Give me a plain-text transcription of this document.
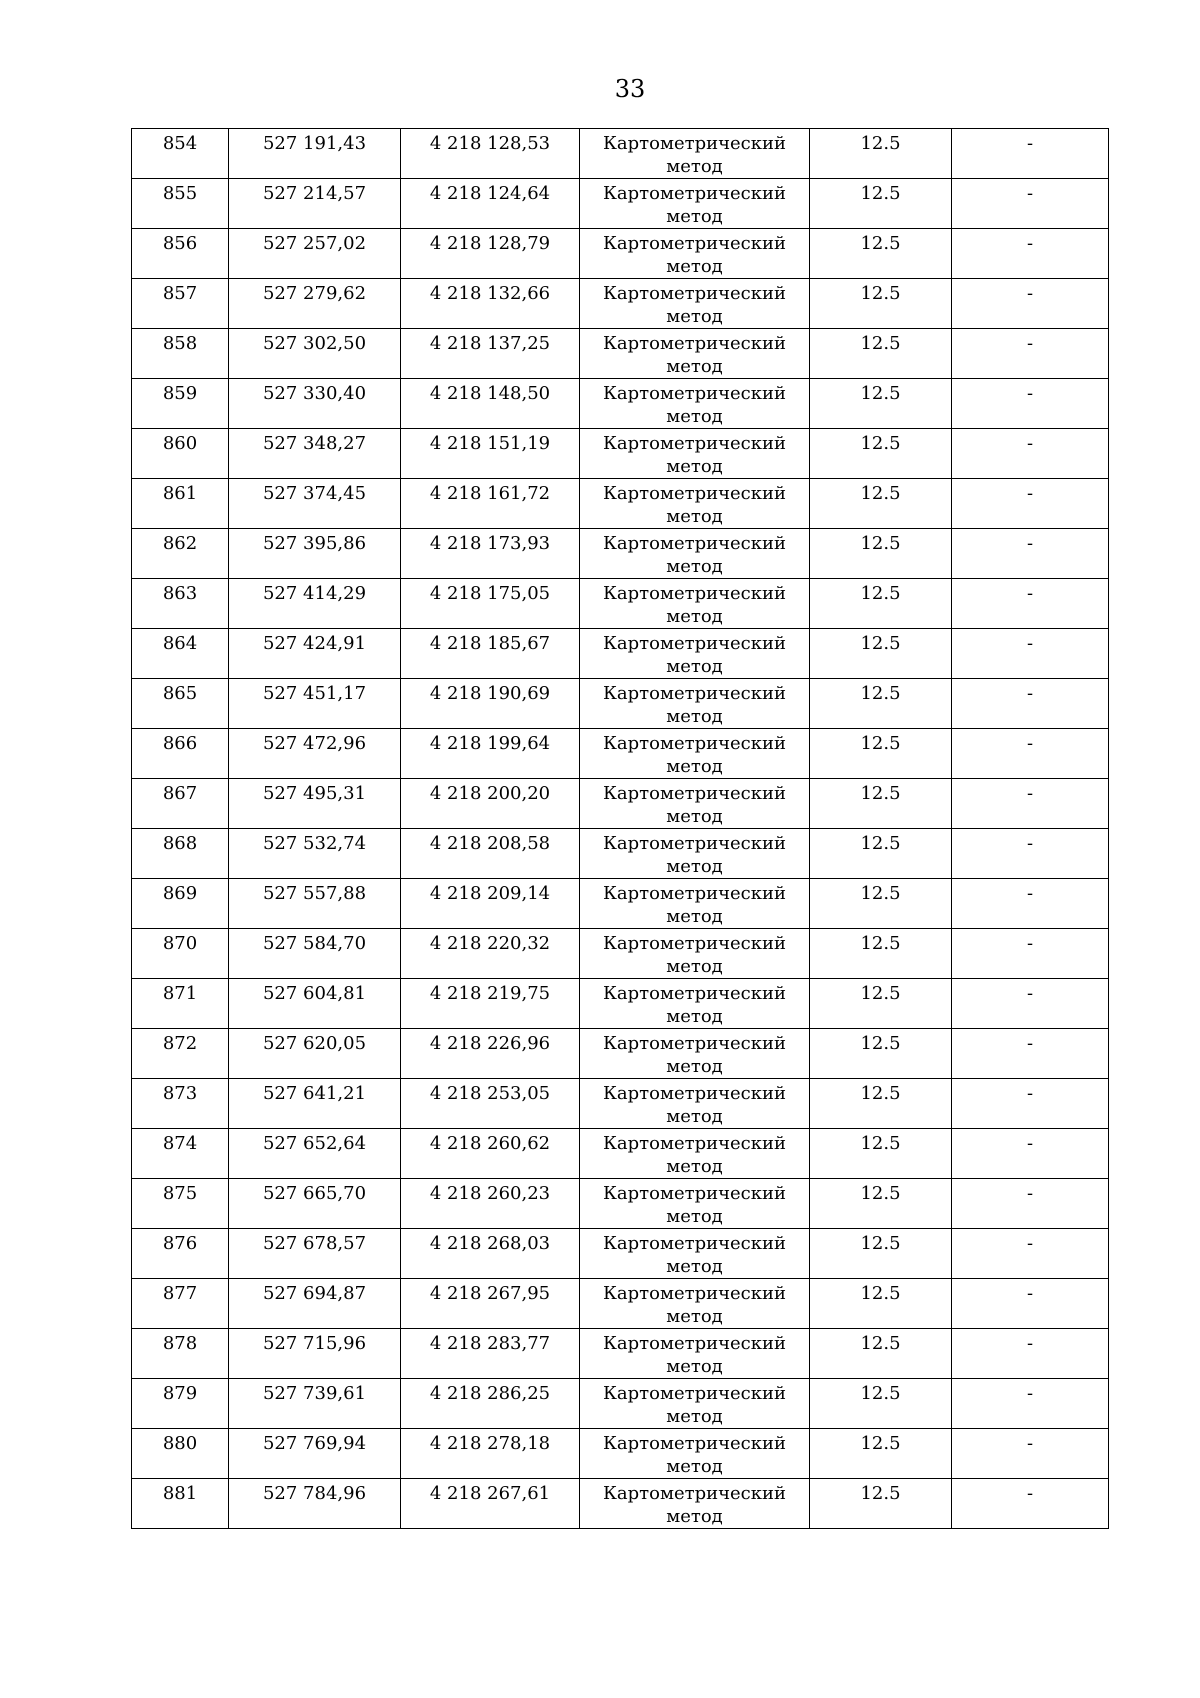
33
854	527 191,43	4 218 128,53	Картометрический
метод	12.5	-
855	527 214,57	4 218 124,64	Картометрический
метод	12.5	-
856	527 257,02	4 218 128,79	Картометрический
метод	12.5	-
857	527 279,62	4 218 132,66	Картометрический
метод	12.5	-
858	527 302,50	4 218 137,25	Картометрический
метод	12.5	-
859	527 330,40	4 218 148,50	Картометрический
метод	12.5	-
860	527 348,27	4 218 151,19	Картометрический
метод	12.5	-
861	527 374,45	4 218 161,72	Картометрический
метод	12.5	-
862	527 395,86	4 218 173,93	Картометрический
метод	12.5	-
863	527 414,29	4 218 175,05	Картометрический
метод	12.5	-
864	527 424,91	4 218 185,67	Картометрический
метод	12.5	-
865	527 451,17	4 218 190,69	Картометрический
метод	12.5	-
866	527 472,96	4 218 199,64	Картометрический
метод	12.5	-
867	527 495,31	4 218 200,20	Картометрический
метод	12.5	-
868	527 532,74	4 218 208,58	Картометрический
метод	12.5	-
869	527 557,88	4 218 209,14	Картометрический
метод	12.5	-
870	527 584,70	4 218 220,32	Картометрический
метод	12.5	-
871	527 604,81	4 218 219,75	Картометрический
метод	12.5	-
872	527 620,05	4 218 226,96	Картометрический
метод	12.5	-
873	527 641,21	4 218 253,05	Картометрический
метод	12.5	-
874	527 652,64	4 218 260,62	Картометрический
метод	12.5	-
875	527 665,70	4 218 260,23	Картометрический
метод	12.5	-
876	527 678,57	4 218 268,03	Картометрический
метод	12.5	-
877	527 694,87	4 218 267,95	Картометрический
метод	12.5	-
878	527 715,96	4 218 283,77	Картометрический
метод	12.5	-
879	527 739,61	4 218 286,25	Картометрический
метод	12.5	-
880	527 769,94	4 218 278,18	Картометрический
метод	12.5	-
881	527 784,96	4 218 267,61	Картометрический
метод	12.5	-
